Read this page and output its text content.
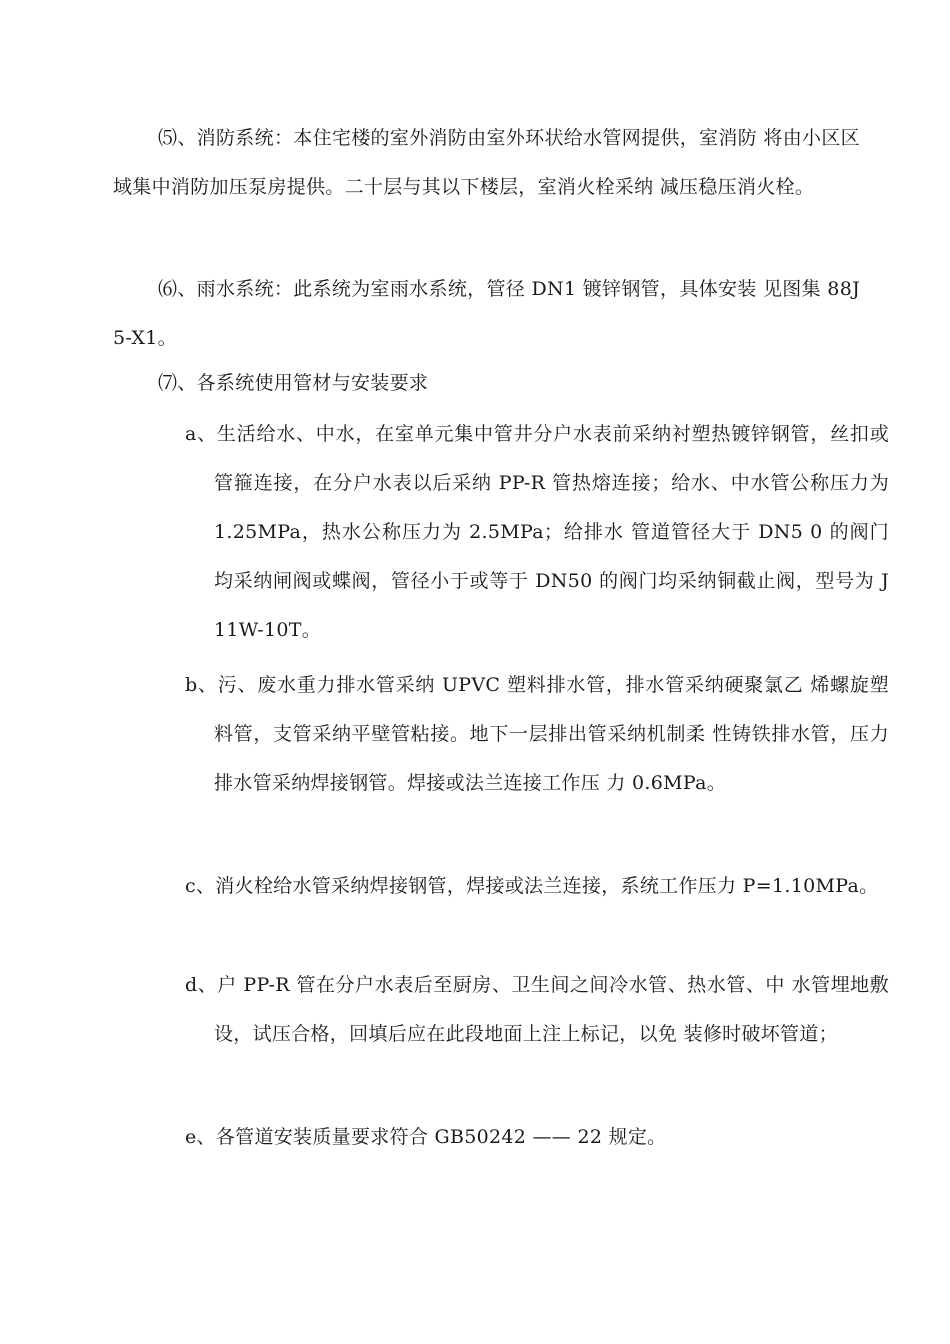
⑸、消防系统：本住宅楼的室外消防由室外环状给水管网提供，室消防 将由小区区域集中消防加压泵房提供。二十层与其以下楼层，室消火栓采纳 减压稳压消火栓。

⑹、雨水系统：此系统为室雨水系统，管径 DN1 镀锌钢管，具体安装 见图集 88J5-X1。

⑺、各系统使用管材与安装要求

a、生活给水、中水，在室单元集中管井分户水表前采纳衬塑热镀锌钢管，丝扣或管箍连接，在分户水表以后采纳 PP-R 管热熔连接；给水、中水管公称压力为 1.25MPa，热水公称压力为 2.5MPa；给排水 管道管径大于 DN5 0 的阀门均采纳闸阀或蝶阀，管径小于或等于 DN50 的阀门均采纳铜截止阀，型号为 J11W-10T。

b、污、废水重力排水管采纳 UPVC 塑料排水管，排水管采纳硬聚氯乙 烯螺旋塑料管，支管采纳平壁管粘接。地下一层排出管采纳机制柔 性铸铁排水管，压力排水管采纳焊接钢管。焊接或法兰连接工作压 力 0.6MPa。

c、消火栓给水管采纳焊接钢管，焊接或法兰连接，系统工作压力 P=1.10MPa。

d、户 PP-R 管在分户水表后至厨房、卫生间之间冷水管、热水管、中 水管埋地敷设，试压合格，回填后应在此段地面上注上标记，以免 装修时破坏管道；

e、各管道安装质量要求符合 GB50242 —— 22 规定。
